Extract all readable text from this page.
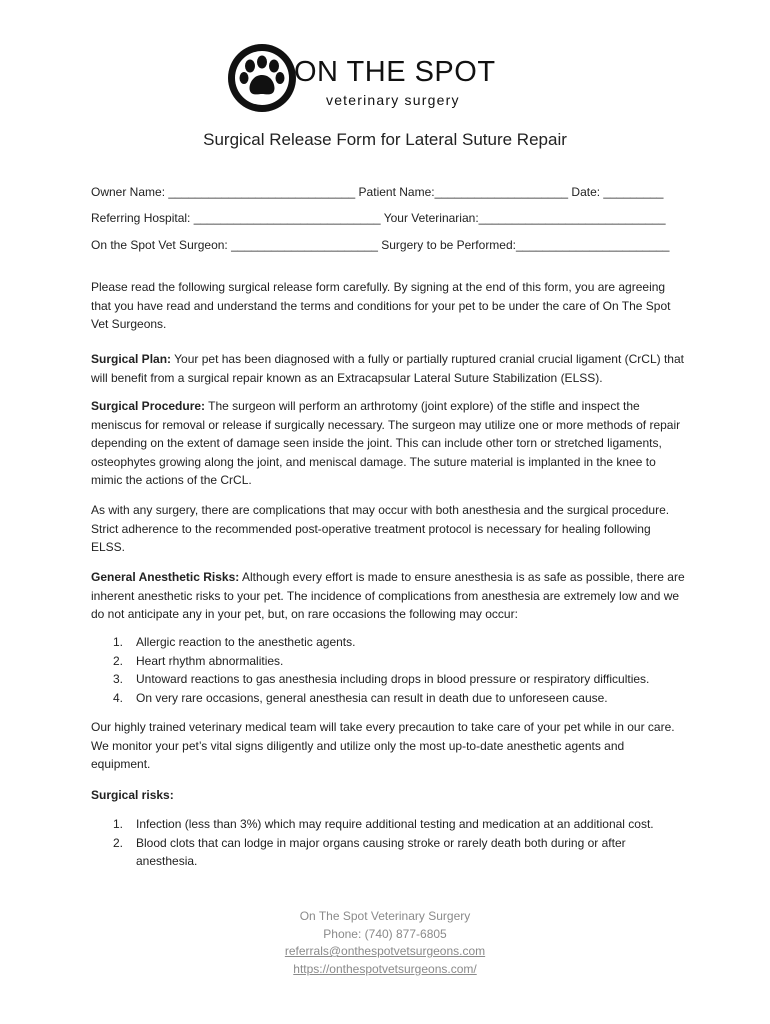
ON THE SPOT
veterinary surgery
Surgical Release Form for Lateral Suture Repair
Owner Name: ____________________________ Patient Name:____________________ Date: _________
Referring Hospital: ____________________________ Your Veterinarian:____________________________
On the Spot Vet Surgeon: ______________________ Surgery to be Performed:_______________________

Please read the following surgical release form carefully. By signing at the end of this form, you are agreeing that you have read and understand the terms and conditions for your pet to be under the care of On The Spot Vet Surgeons.

Surgical Plan: Your pet has been diagnosed with a fully or partially ruptured cranial crucial ligament (CrCL) that will benefit from a surgical repair known as an Extracapsular Lateral Suture Stabilization (ELSS).

Surgical Procedure: The surgeon will perform an arthrotomy (joint explore) of the stifle and inspect the meniscus for removal or release if surgically necessary. The surgeon may utilize one or more methods of repair depending on the extent of damage seen inside the joint. This can include other torn or stretched ligaments, osteophytes growing along the joint, and meniscal damage. The suture material is implanted in the knee to mimic the actions of the CrCL.

As with any surgery, there are complications that may occur with both anesthesia and the surgical procedure. Strict adherence to the recommended post-operative treatment protocol is necessary for healing following ELSS.

General Anesthetic Risks: Although every effort is made to ensure anesthesia is as safe as possible, there are inherent anesthetic risks to your pet. The incidence of complications from anesthesia are extremely low and we do not anticipate any in your pet, but, on rare occasions the following may occur:

1. Allergic reaction to the anesthetic agents.
2. Heart rhythm abnormalities.
3. Untoward reactions to gas anesthesia including drops in blood pressure or respiratory difficulties.
4. On very rare occasions, general anesthesia can result in death due to unforeseen cause.

Our highly trained veterinary medical team will take every precaution to take care of your pet while in our care. We monitor your pet’s vital signs diligently and utilize only the most up-to-date anesthetic agents and equipment.

Surgical risks:

1. Infection (less than 3%) which may require additional testing and medication at an additional cost.
2. Blood clots that can lodge in major organs causing stroke or rarely death both during or after anesthesia.
On The Spot Veterinary Surgery
Phone: (740) 877-6805
referrals@onthespotvetsurgeons.com
https://onthespotvetsurgeons.com/
